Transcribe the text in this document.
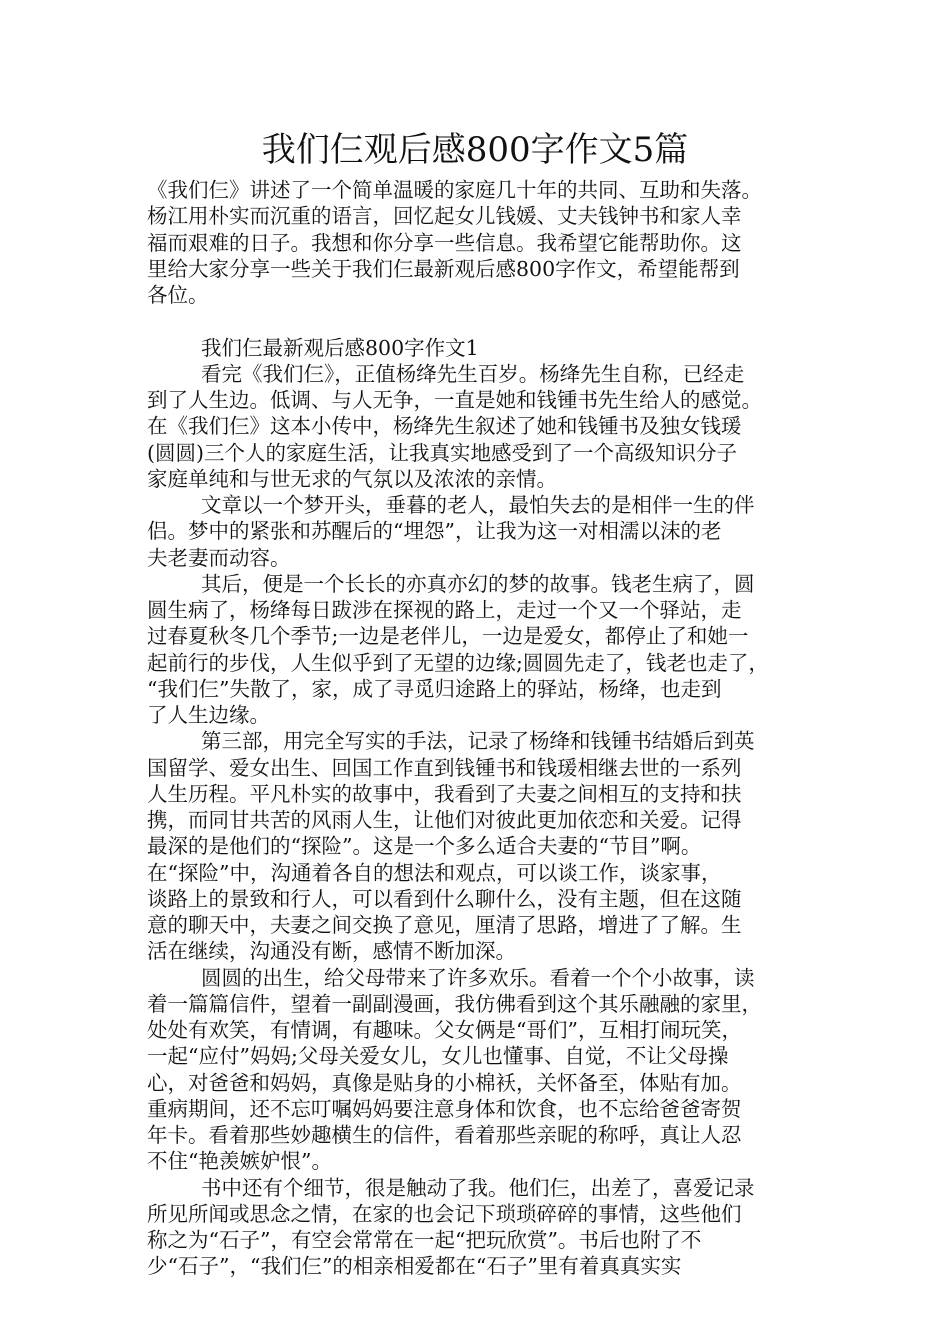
我们仨观后感800字作文5篇
《我们仨》讲述了一个简单温暖的家庭几十年的共同、互助和失落。
杨江用朴实而沉重的语言，回忆起女儿钱媛、丈夫钱钟书和家人幸
福而艰难的日子。我想和你分享一些信息。我希望它能帮助你。这
里给大家分享一些关于我们仨最新观后感800字作文，希望能帮到
各位。
我们仨最新观后感800字作文1
看完《我们仨》，正值杨绛先生百岁。杨绛先生自称，已经走
到了人生边。低调、与人无争，一直是她和钱锺书先生给人的感觉。
在《我们仨》这本小传中，杨绛先生叙述了她和钱锺书及独女钱瑗
(圆圆)三个人的家庭生活，让我真实地感受到了一个高级知识分子
家庭单纯和与世无求的气氛以及浓浓的亲情。
文章以一个梦开头，垂暮的老人，最怕失去的是相伴一生的伴
侣。梦中的紧张和苏醒后的“埋怨”，让我为这一对相濡以沫的老
夫老妻而动容。
其后，便是一个长长的亦真亦幻的梦的故事。钱老生病了，圆
圆生病了，杨绛每日跋涉在探视的路上，走过一个又一个驿站，走
过春夏秋冬几个季节;一边是老伴儿，一边是爱女，都停止了和她一
起前行的步伐，人生似乎到了无望的边缘;圆圆先走了，钱老也走了，
“我们仨”失散了，家，成了寻觅归途路上的驿站，杨绛，也走到
了人生边缘。
第三部，用完全写实的手法，记录了杨绛和钱锺书结婚后到英
国留学、爱女出生、回国工作直到钱锺书和钱瑗相继去世的一系列
人生历程。平凡朴实的故事中，我看到了夫妻之间相互的支持和扶
携，而同甘共苦的风雨人生，让他们对彼此更加依恋和关爱。记得
最深的是他们的“探险”。这是一个多么适合夫妻的“节目”啊。
在“探险”中，沟通着各自的想法和观点，可以谈工作，谈家事，
谈路上的景致和行人，可以看到什么聊什么，没有主题，但在这随
意的聊天中，夫妻之间交换了意见，厘清了思路，增进了了解。生
活在继续，沟通没有断，感情不断加深。
圆圆的出生，给父母带来了许多欢乐。看着一个个小故事，读
着一篇篇信件，望着一副副漫画，我仿佛看到这个其乐融融的家里，
处处有欢笑，有情调，有趣味。父女俩是“哥们”，互相打闹玩笑，
一起“应付”妈妈;父母关爱女儿，女儿也懂事、自觉，不让父母操
心，对爸爸和妈妈，真像是贴身的小棉袄，关怀备至，体贴有加。
重病期间，还不忘叮嘱妈妈要注意身体和饮食，也不忘给爸爸寄贺
年卡。看着那些妙趣横生的信件，看着那些亲昵的称呼，真让人忍
不住“艳羡嫉妒恨”。
书中还有个细节，很是触动了我。他们仨，出差了，喜爱记录
所见所闻或思念之情，在家的也会记下琐琐碎碎的事情，这些他们
称之为“石子”，有空会常常在一起“把玩欣赏”。书后也附了不
少“石子”，“我们仨”的相亲相爱都在“石子”里有着真真实实
